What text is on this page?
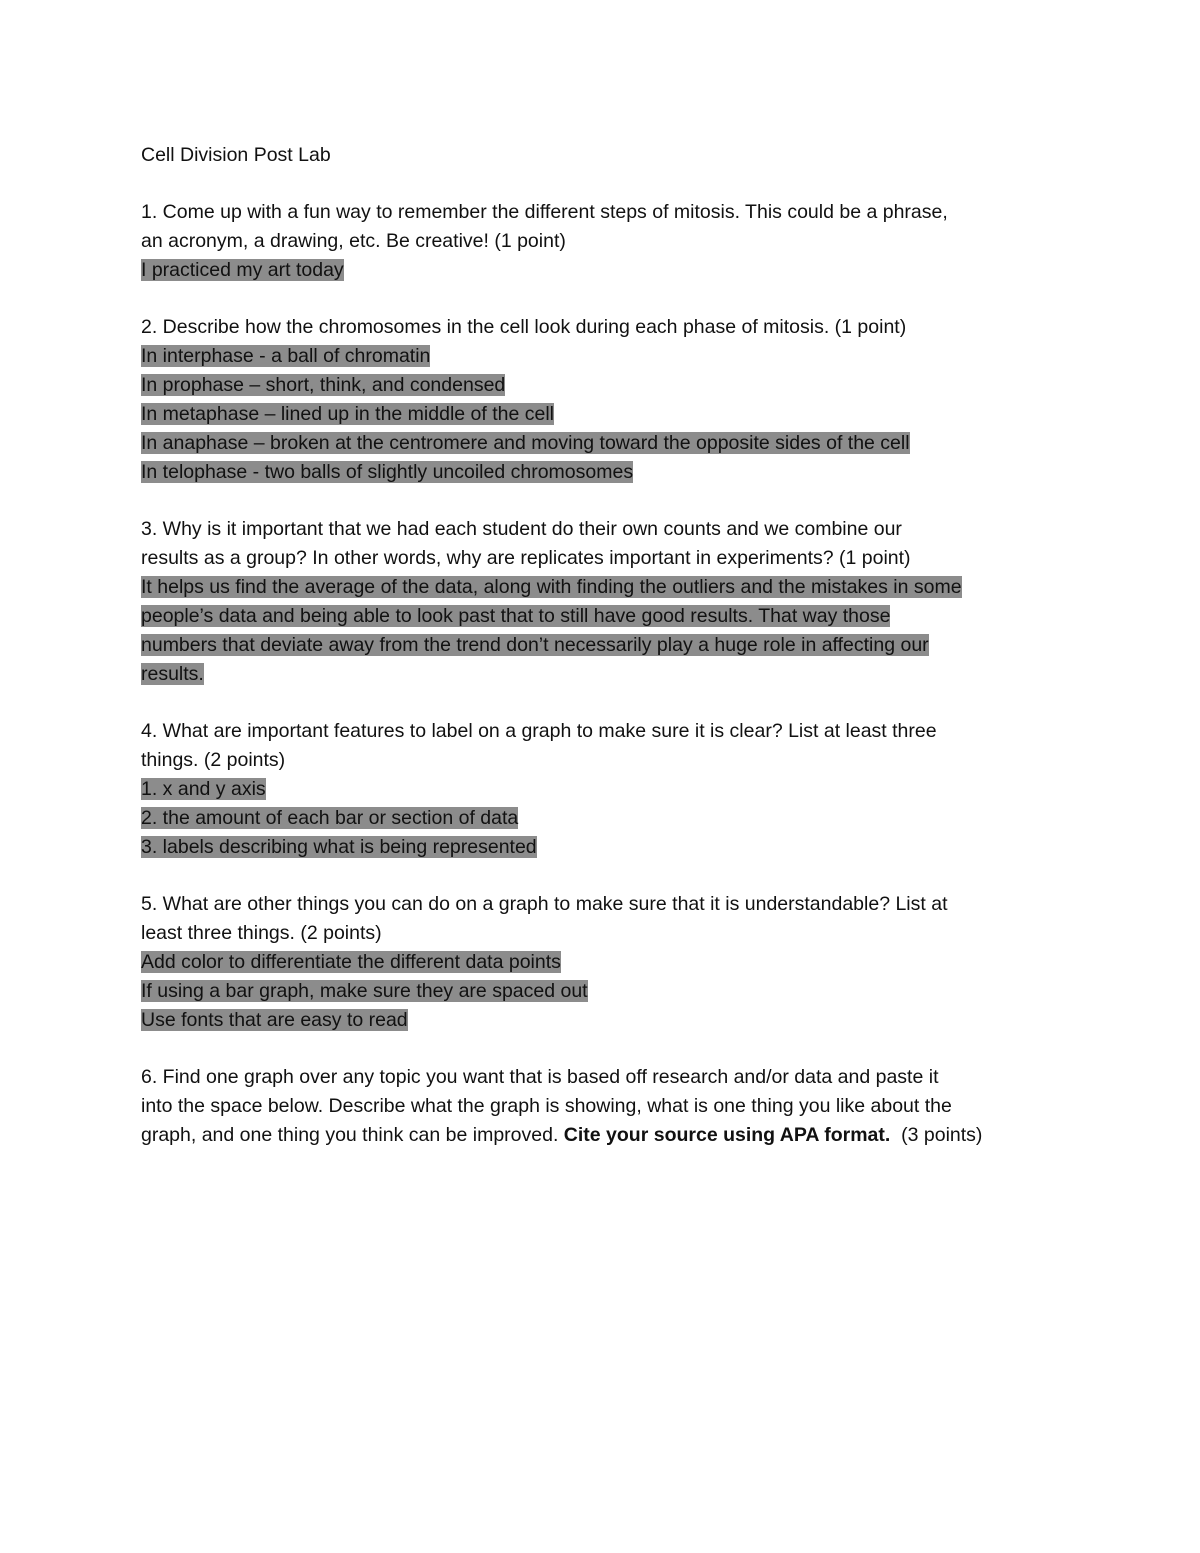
Cell Division Post Lab
1. Come up with a fun way to remember the different steps of mitosis. This could be a phrase,
an acronym, a drawing, etc. Be creative! (1 point)
I practiced my art today
2. Describe how the chromosomes in the cell look during each phase of mitosis. (1 point)
In interphase - a ball of chromatin
In prophase – short, think, and condensed
In metaphase – lined up in the middle of the cell
In anaphase – broken at the centromere and moving toward the opposite sides of the cell
In telophase - two balls of slightly uncoiled chromosomes
3. Why is it important that we had each student do their own counts and we combine our
results as a group? In other words, why are replicates important in experiments? (1 point)
It helps us find the average of the data, along with finding the outliers and the mistakes in some
people’s data and being able to look past that to still have good results. That way those
numbers that deviate away from the trend don’t necessarily play a huge role in affecting our
results.
4. What are important features to label on a graph to make sure it is clear? List at least three
things. (2 points)
1. x and y axis
2. the amount of each bar or section of data
3. labels describing what is being represented
5. What are other things you can do on a graph to make sure that it is understandable? List at
least three things. (2 points)
Add color to differentiate the different data points
If using a bar graph, make sure they are spaced out
Use fonts that are easy to read
6. Find one graph over any topic you want that is based off research and/or data and paste it
into the space below. Describe what the graph is showing, what is one thing you like about the
graph, and one thing you think can be improved. Cite your source using APA format.  (3 points)
